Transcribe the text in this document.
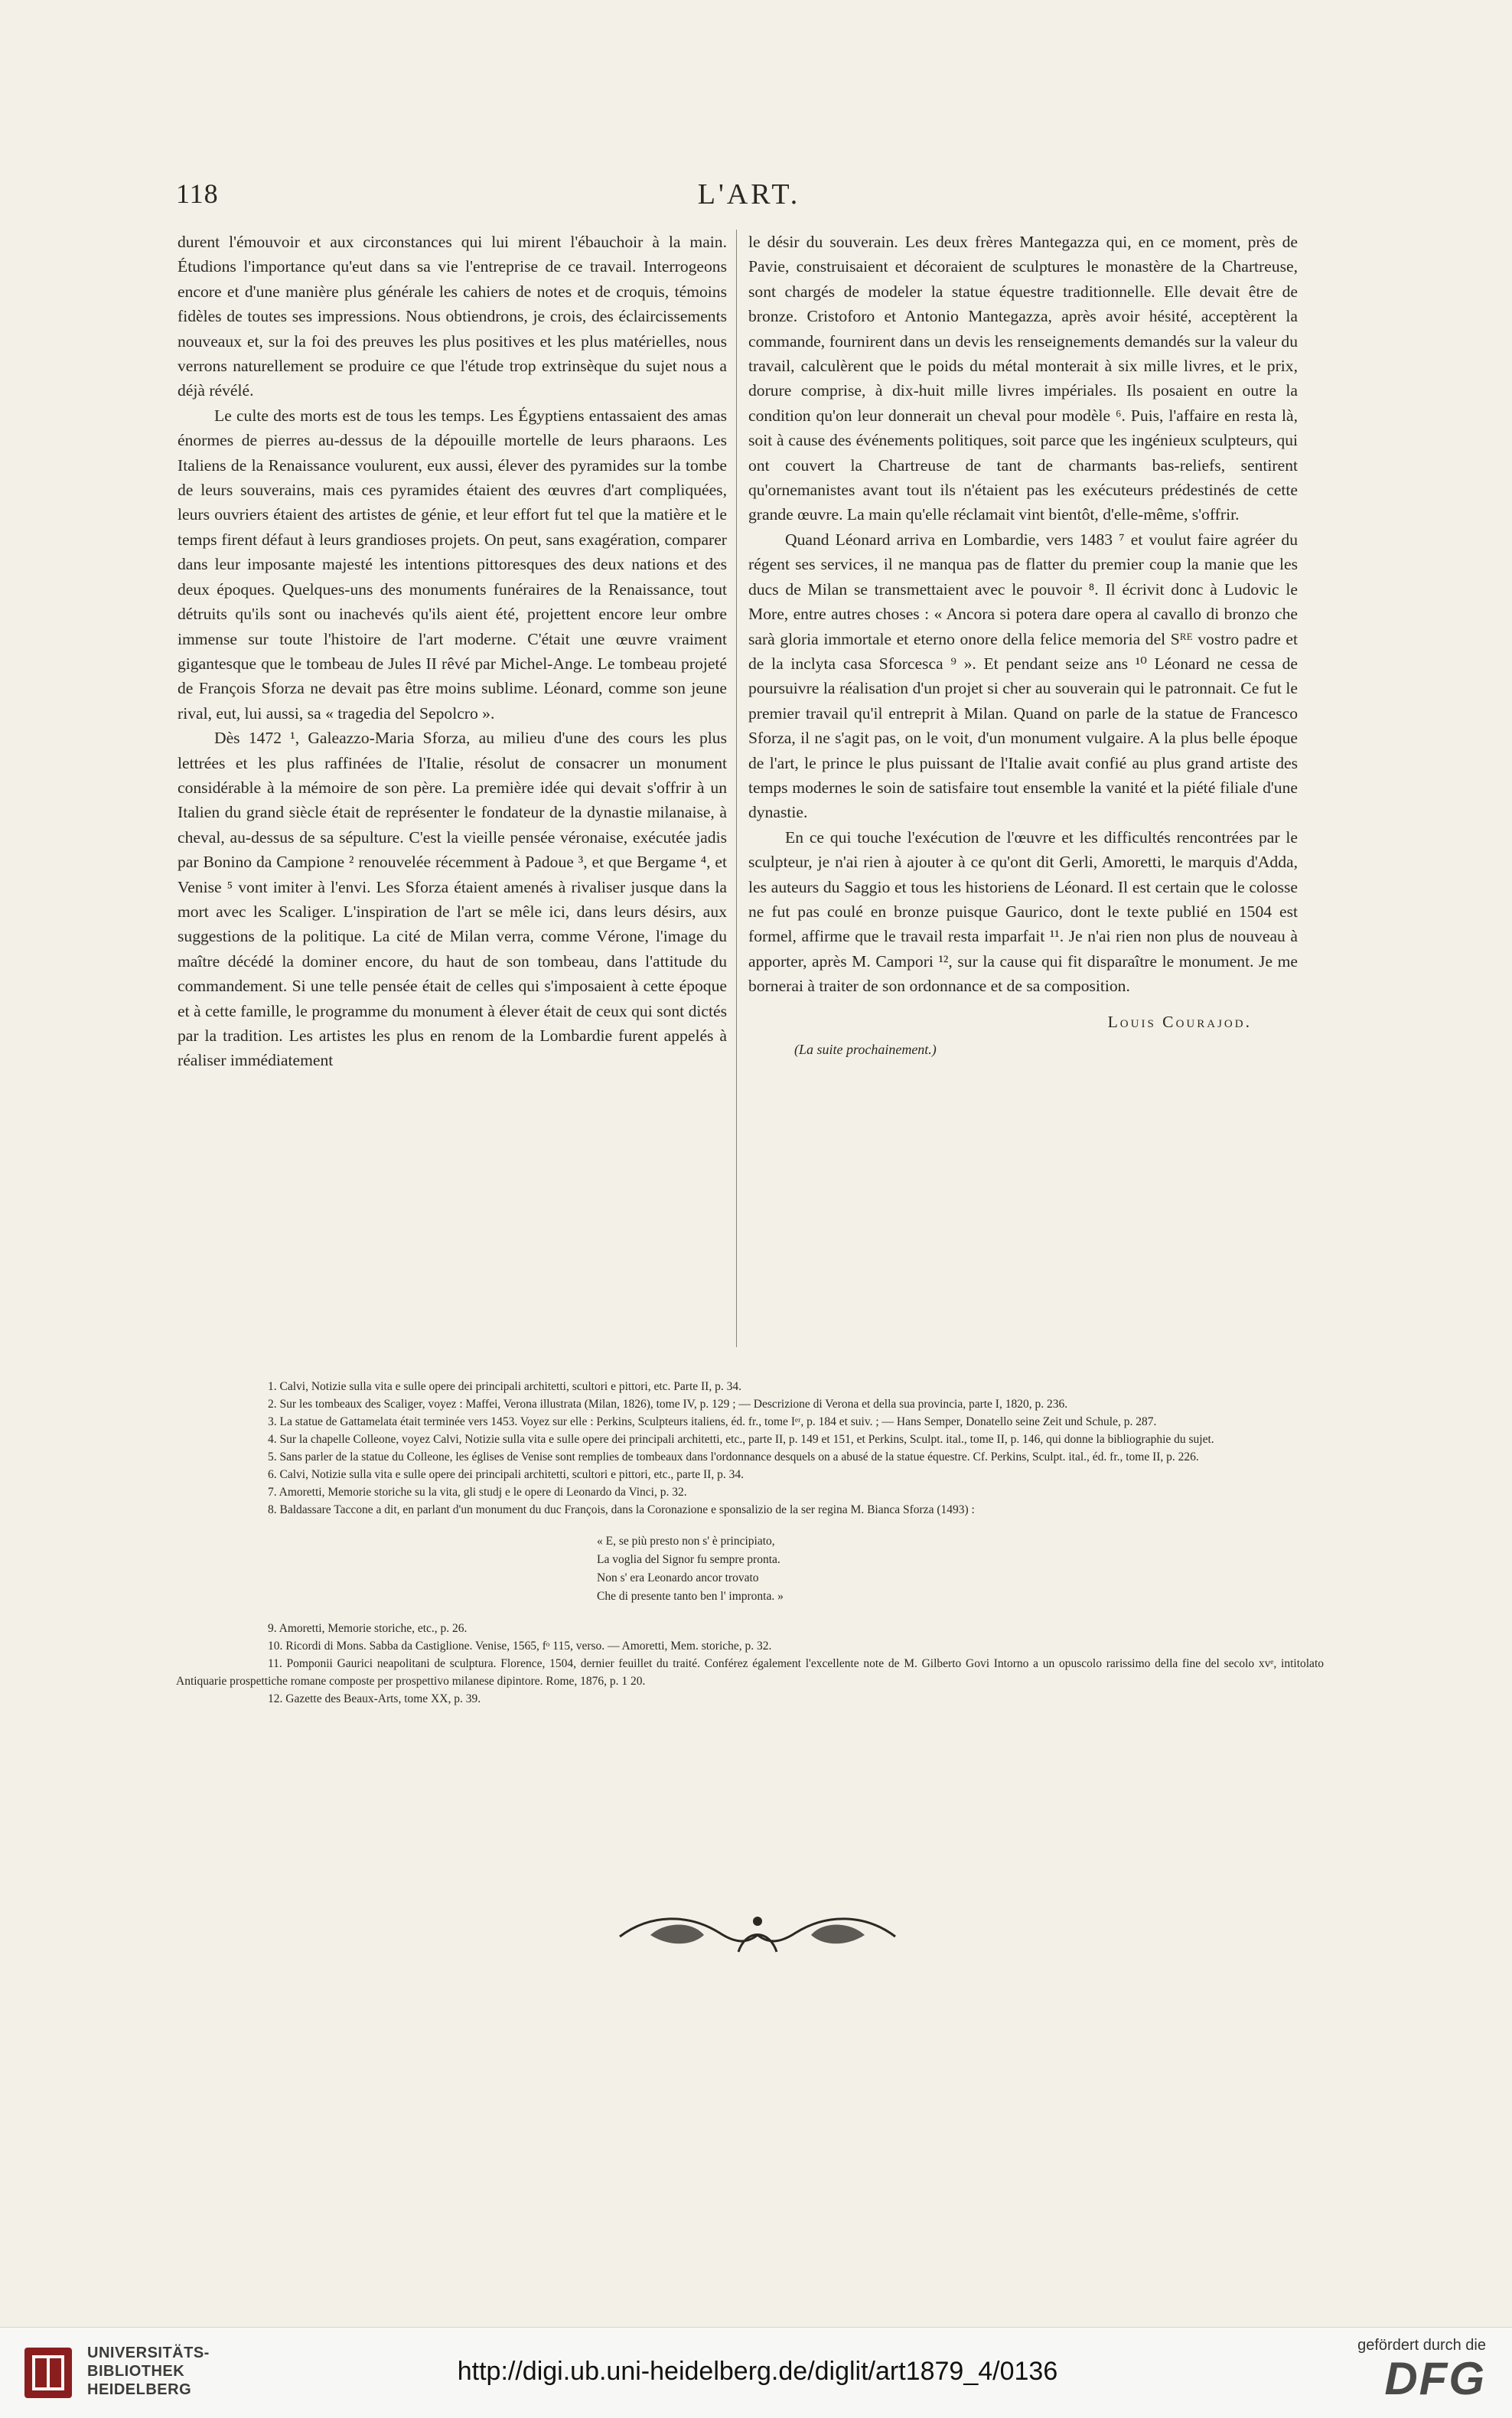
118	L'ART.

durent l'émouvoir et aux circonstances qui lui mirent l'ébauchoir à la main. Étudions l'importance qu'eut dans sa vie l'entreprise de ce travail. Interrogeons encore et d'une manière plus générale les cahiers de notes et de croquis, témoins fidèles de toutes ses impressions. Nous obtiendrons, je crois, des éclaircissements nouveaux et, sur la foi des preuves les plus positives et les plus matérielles, nous verrons naturellement se produire ce que l'étude trop extrinsèque du sujet nous a déjà révélé.

Le culte des morts est de tous les temps. Les Égyptiens entassaient des amas énormes de pierres au-dessus de la dépouille mortelle de leurs pharaons. Les Italiens de la Renaissance voulurent, eux aussi, élever des pyramides sur la tombe de leurs souverains, mais ces pyramides étaient des œuvres d'art compliquées, leurs ouvriers étaient des artistes de génie, et leur effort fut tel que la matière et le temps firent défaut à leurs grandioses projets. On peut, sans exagération, comparer dans leur imposante majesté les intentions pittoresques des deux nations et des deux époques. Quelques-uns des monuments funéraires de la Renaissance, tout détruits qu'ils sont ou inachevés qu'ils aient été, projettent encore leur ombre immense sur toute l'histoire de l'art moderne. C'était une œuvre vraiment gigantesque que le tombeau de Jules II rêvé par Michel-Ange. Le tombeau projeté de François Sforza ne devait pas être moins sublime. Léonard, comme son jeune rival, eut, lui aussi, sa « tragedia del Sepolcro ».

Dès 1472 ¹, Galeazzo-Maria Sforza, au milieu d'une des cours les plus lettrées et les plus raffinées de l'Italie, résolut de consacrer un monument considérable à la mémoire de son père. La première idée qui devait s'offrir à un Italien du grand siècle était de représenter le fondateur de la dynastie milanaise, à cheval, au-dessus de sa sépulture. C'est la vieille pensée véronaise, exécutée jadis par Bonino da Campione ² renouvelée récemment à Padoue ³, et que Bergame ⁴, et Venise ⁵ vont imiter à l'envi. Les Sforza étaient amenés à rivaliser jusque dans la mort avec les Scaliger. L'inspiration de l'art se mêle ici, dans leurs désirs, aux suggestions de la politique. La cité de Milan verra, comme Vérone, l'image du maître décédé la dominer encore, du haut de son tombeau, dans l'attitude du commandement. Si une telle pensée était de celles qui s'imposaient à cette époque et à cette famille, le programme du monument à élever était de ceux qui sont dictés par la tradition. Les artistes les plus en renom de la Lombardie furent appelés à réaliser immédiatement

le désir du souverain. Les deux frères Mantegazza qui, en ce moment, près de Pavie, construisaient et décoraient de sculptures le monastère de la Chartreuse, sont chargés de modeler la statue équestre traditionnelle. Elle devait être de bronze. Cristoforo et Antonio Mantegazza, après avoir hésité, acceptèrent la commande, fournirent dans un devis les renseignements demandés sur la valeur du travail, calculèrent que le poids du métal monterait à six mille livres, et le prix, dorure comprise, à dix-huit mille livres impériales. Ils posaient en outre la condition qu'on leur donnerait un cheval pour modèle ⁶. Puis, l'affaire en resta là, soit à cause des événements politiques, soit parce que les ingénieux sculpteurs, qui ont couvert la Chartreuse de tant de charmants bas-reliefs, sentirent qu'ornemanistes avant tout ils n'étaient pas les exécuteurs prédestinés de cette grande œuvre. La main qu'elle réclamait vint bientôt, d'elle-même, s'offrir.

Quand Léonard arriva en Lombardie, vers 1483 ⁷ et voulut faire agréer du régent ses services, il ne manqua pas de flatter du premier coup la manie que les ducs de Milan se transmettaient avec le pouvoir ⁸. Il écrivit donc à Ludovic le More, entre autres choses : « Ancora si potera dare opera al cavallo di bronzo che sarà gloria immortale et eterno onore della felice memoria del Sᴿᴱ vostro padre et de la inclyta casa Sforcesca ⁹ ». Et pendant seize ans ¹⁰ Léonard ne cessa de poursuivre la réalisation d'un projet si cher au souverain qui le patronnait. Ce fut le premier travail qu'il entreprit à Milan. Quand on parle de la statue de Francesco Sforza, il ne s'agit pas, on le voit, d'un monument vulgaire. A la plus belle époque de l'art, le prince le plus puissant de l'Italie avait confié au plus grand artiste des temps modernes le soin de satisfaire tout ensemble la vanité et la piété filiale d'une dynastie.

En ce qui touche l'exécution de l'œuvre et les difficultés rencontrées par le sculpteur, je n'ai rien à ajouter à ce qu'ont dit Gerli, Amoretti, le marquis d'Adda, les auteurs du Saggio et tous les historiens de Léonard. Il est certain que le colosse ne fut pas coulé en bronze puisque Gaurico, dont le texte publié en 1504 est formel, affirme que le travail resta imparfait ¹¹. Je n'ai rien non plus de nouveau à apporter, après M. Campori ¹², sur la cause qui fit disparaître le monument. Je me bornerai à traiter de son ordonnance et de sa composition.

Louis Courajod.
(La suite prochainement.)

1. Calvi, Notizie sulla vita e sulle opere dei principali architetti, scultori e pittori, etc. Parte II, p. 34.

2. Sur les tombeaux des Scaliger, voyez : Maffei, Verona illustrata (Milan, 1826), tome IV, p. 129 ; — Descrizione di Verona et della sua provincia, parte I, 1820, p. 236.

3. La statue de Gattamelata était terminée vers 1453. Voyez sur elle : Perkins, Sculpteurs italiens, éd. fr., tome Iᵉʳ, p. 184 et suiv. ; — Hans Semper, Donatello seine Zeit und Schule, p. 287.

4. Sur la chapelle Colleone, voyez Calvi, Notizie sulla vita e sulle opere dei principali architetti, etc., parte II, p. 149 et 151, et Perkins, Sculpt. ital., tome II, p. 146, qui donne la bibliographie du sujet.

5. Sans parler de la statue du Colleone, les églises de Venise sont remplies de tombeaux dans l'ordonnance desquels on a abusé de la statue équestre. Cf. Perkins, Sculpt. ital., éd. fr., tome II, p. 226.

6. Calvi, Notizie sulla vita e sulle opere dei principali architetti, scultori e pittori, etc., parte II, p. 34.

7. Amoretti, Memorie storiche su la vita, gli studj e le opere di Leonardo da Vinci, p. 32.

8. Baldassare Taccone a dit, en parlant d'un monument du duc François, dans la Coronazione e sponsalizio de la ser regina M. Bianca Sforza (1493) :

« E, se più presto non s' è principiato,
La voglia del Signor fu sempre pronta.
Non s' era Leonardo ancor trovato
Che di presente tanto ben l' impronta. »

9. Amoretti, Memorie storiche, etc., p. 26.

10. Ricordi di Mons. Sabba da Castiglione. Venise, 1565, fᵒ 115, verso. — Amoretti, Mem. storiche, p. 32.

11. Pomponii Gaurici neapolitani de sculptura. Florence, 1504, dernier feuillet du traité. Conférez également l'excellente note de M. Gilberto Govi Intorno a un opuscolo rarissimo della fine del secolo xvᵉ, intitolato Antiquarie prospettiche romane composte per prospettivo milanese dipintore. Rome, 1876, p. 1 20.

12. Gazette des Beaux-Arts, tome XX, p. 39.

UNIVERSITÄTS-
BIBLIOTHEK
HEIDELBERG
http://digi.ub.uni-heidelberg.de/diglit/art1879_4/0136
gefördert durch die
DFG
